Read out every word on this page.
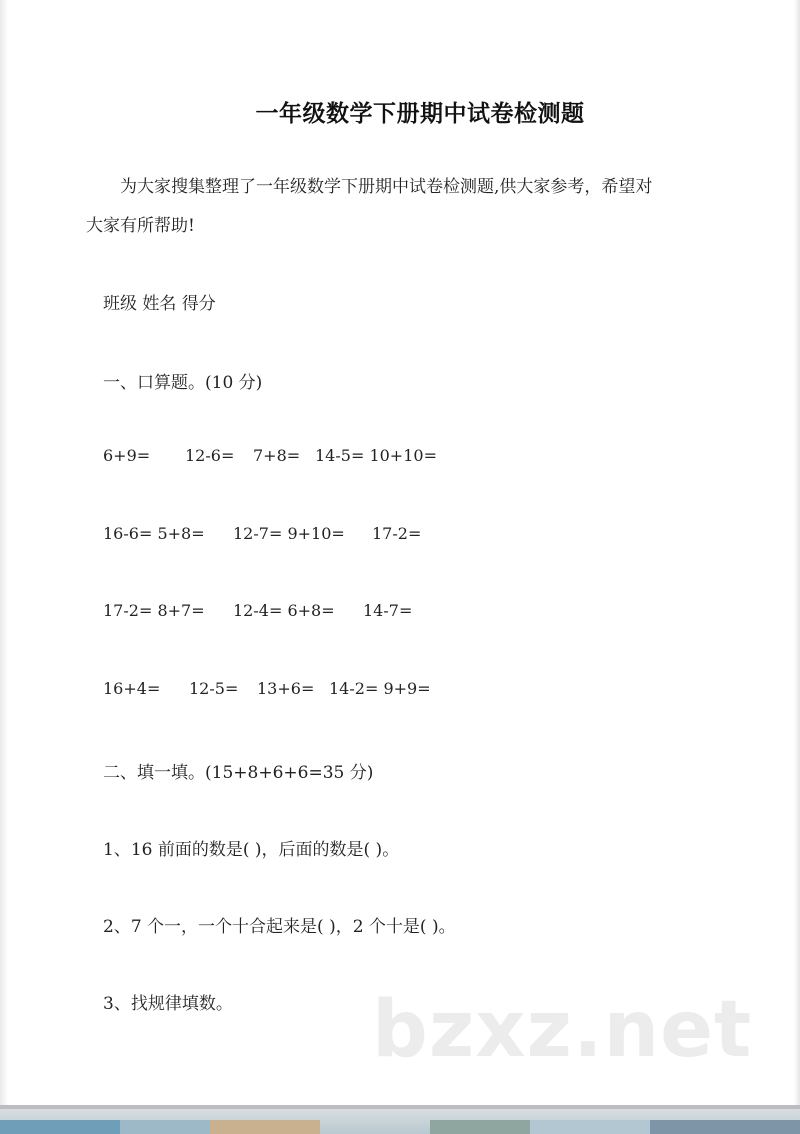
一年级数学下册期中试卷检测题
为大家搜集整理了一年级数学下册期中试卷检测题,供大家参考，希望对
大家有所帮助!
班级 姓名 得分
一、口算题。(10 分)
6+9= 12-6= 7+8= 14-5= 10+10=
16-6= 5+8= 12-7= 9+10= 17-2=
17-2= 8+7= 12-4= 6+8= 14-7=
16+4= 12-5= 13+6= 14-2= 9+9=
二、填一填。(15+8+6+6=35 分)
1、16 前面的数是( )，后面的数是( )。
2、7 个一，一个十合起来是( )，2 个十是( )。
3、找规律填数。 bzxz.net
